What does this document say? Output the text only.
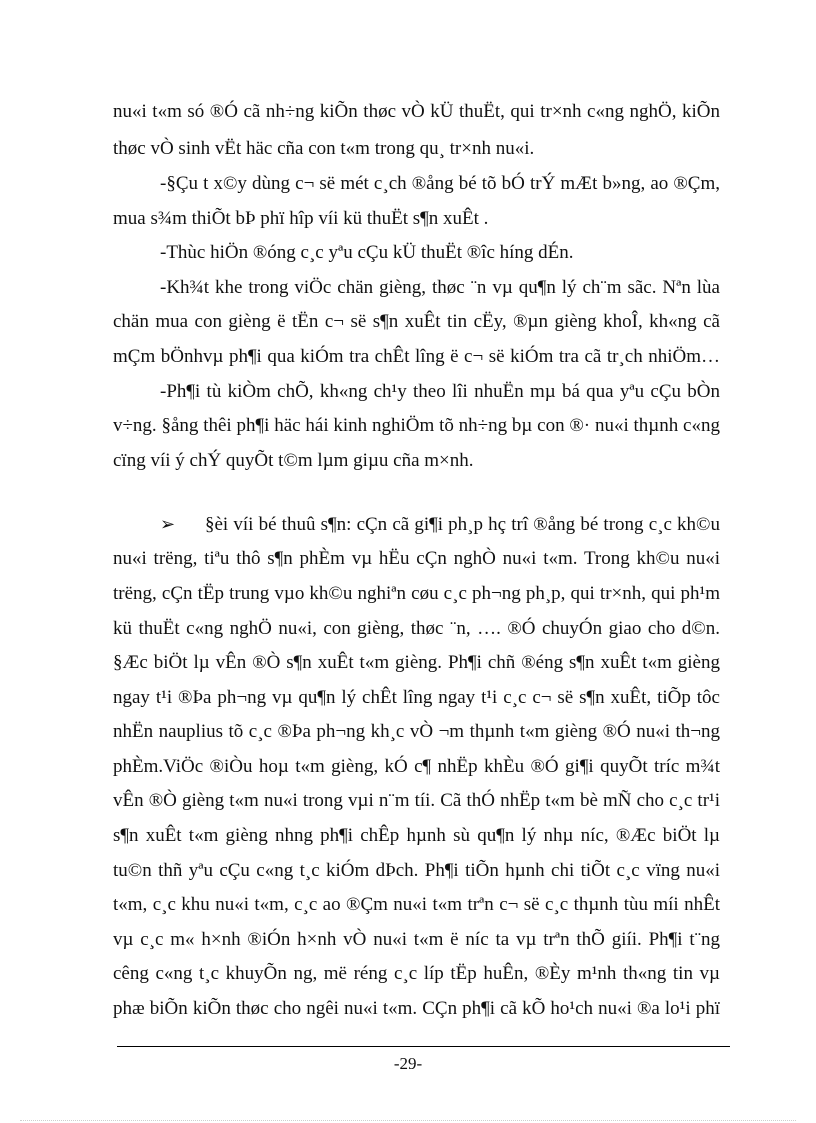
nu«i t«m só ®Ó cã nh÷ng kiÕn thøc vÒ kÜ thuËt, qui tr×nh c«ng nghÖ, kiÕn
thøc vÒ sinh vËt häc cña con t«m trong qu¸ tr×nh nu«i.
-§Çu t x©y dùng c¬ së mét c¸ch ®ång bé tõ bÓ trÝ mÆt b»ng, ao ®Çm,
mua s¾m thiÕt bÞ phï hîp víi kü thuËt s¶n xuÊt .
-Thùc hiÖn ®óng c¸c yªu cÇu kÜ thuËt ®îc híng dÉn.
-Kh¾t khe trong viÖc chän gièng, thøc ¨n vµ qu¶n lý ch¨m sãc. Nªn lùa
chän mua con gièng ë tËn c¬ së s¶n xuÊt tin cËy, ®µn gièng khoÎ, kh«ng cã
mÇm bÖnhvµ ph¶i qua kiÓm tra chÊt lîng ë c¬ së kiÓm tra cã tr¸ch nhiÖm…
-Ph¶i tù kiÒm chÕ, kh«ng ch¹y theo lîi nhuËn mµ bá qua yªu cÇu bÒn
v÷ng. §ång thêi ph¶i häc hái kinh nghiÖm tõ nh÷ng bµ con ®· nu«i thµnh c«ng
cïng víi ý chÝ quyÕt t©m lµm giµu cña m×nh.
➢ §èi víi bé thuû s¶n: cÇn cã gi¶i ph¸p hç trî ®ång bé trong c¸c kh©u
nu«i trëng, tiªu thô s¶n phÈm vµ hËu cÇn nghÒ nu«i t«m. Trong kh©u nu«i
trëng, cÇn tËp trung vµo kh©u nghiªn cøu c¸c ph¬ng ph¸p, qui tr×nh, qui ph¹m
kü thuËt c«ng nghÖ nu«i, con gièng, thøc ¨n, …. ®Ó chuyÓn giao cho d©n.
§Æc biÖt lµ vÊn ®Ò s¶n xuÊt t«m gièng. Ph¶i chñ ®éng s¶n xuÊt t«m gièng
ngay t¹i ®Þa ph¬ng vµ qu¶n lý chÊt lîng ngay t¹i c¸c c¬ së s¶n xuÊt, tiÕp tôc
nhËn nauplius tõ c¸c ®Þa ph¬ng kh¸c vÒ ¬m thµnh t«m gièng ®Ó nu«i th¬ng
phÈm.ViÖc ®iÒu hoµ t«m gièng, kÓ c¶ nhËp khÈu ®Ó gi¶i quyÕt tríc m¾t
vÊn ®Ò gièng t«m nu«i trong vµi n¨m tíi. Cã thÓ nhËp t«m bè mÑ cho c¸c tr¹i
s¶n xuÊt t«m gièng nhng ph¶i chÊp hµnh sù qu¶n lý nhµ níc, ®Æc biÖt lµ
tu©n thñ yªu cÇu c«ng t¸c kiÓm dÞch. Ph¶i tiÕn hµnh chi tiÕt c¸c vïng nu«i
t«m, c¸c khu nu«i t«m, c¸c ao ®Çm nu«i t«m trªn c¬ së c¸c thµnh tùu míi nhÊt
vµ c¸c m« h×nh ®iÓn h×nh vÒ nu«i t«m ë níc ta vµ trªn thÕ giíi. Ph¶i t¨ng
cêng c«ng t¸c khuyÕn ng, më réng c¸c líp tËp huÊn, ®Èy m¹nh th«ng tin vµ
phæ biÕn kiÕn thøc cho ngêi nu«i t«m. CÇn ph¶i cã kÕ ho¹ch nu«i ®a lo¹i phï
-29-
